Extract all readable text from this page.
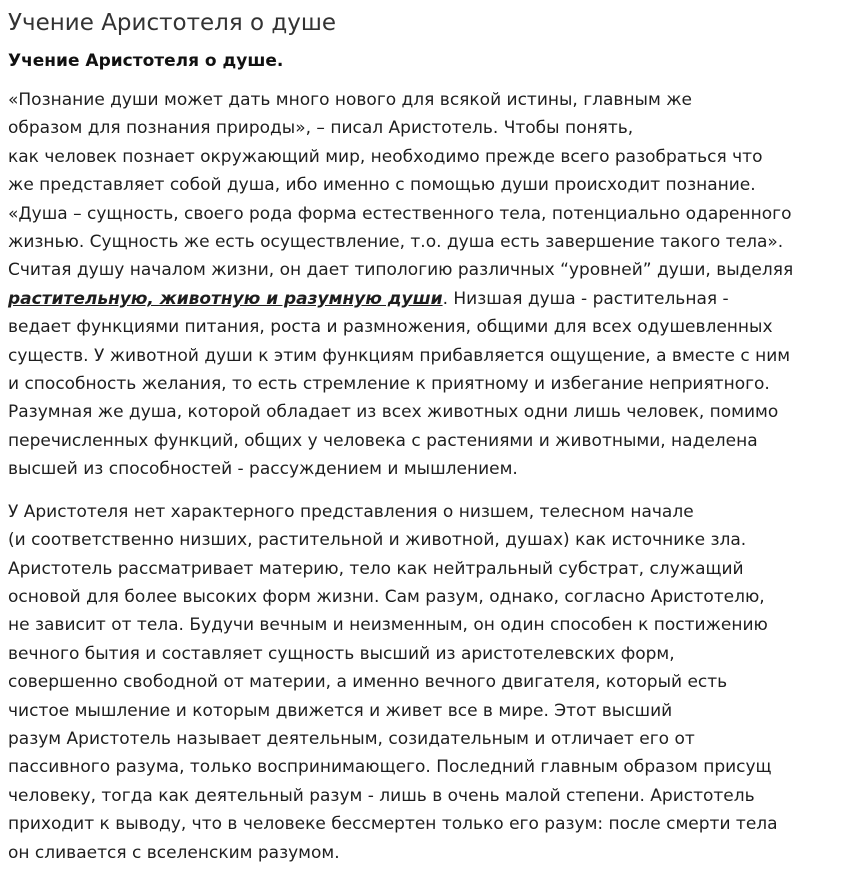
Учение Аристотеля о душе

Учение Аристотеля о душе.

«Познание души может дать много нового для всякой истины, главным же
образом для познания природы», – писал Аристотель. Чтобы понять,
как человек познает окружающий мир, необходимо прежде всего разобраться что
же представляет собой душа, ибо именно с помощью души происходит познание.
«Душа – сущность, своего рода форма естественного тела, потенциально одаренного
жизнью. Сущность же есть осуществление, т.о. душа есть завершение такого тела».
Считая душу началом жизни, он дает типологию различных “уровней” души, выделяя
растительную, животную и разумную души. Низшая душа - растительная -
ведает функциями питания, роста и размножения, общими для всех одушевленных
существ. У животной души к этим функциям прибавляется ощущение, а вместе с ним
и способность желания, то есть стремление к приятному и избегание неприятного.
Разумная же душа, которой обладает из всех животных одни лишь человек, помимо
перечисленных функций, общих у человека с растениями и животными, наделена
высшей из способностей - рассуждением и мышлением.
У Аристотеля нет характерного представления о низшем, телесном начале
(и соответственно низших, растительной и животной, душах) как источнике зла.
Аристотель рассматривает материю, тело как нейтральный субстрат, служащий
основой для более высоких форм жизни. Сам разум, однако, согласно Аристотелю,
не зависит от тела. Будучи вечным и неизменным, он один способен к постижению
вечного бытия и составляет сущность высший из аристотелевских форм,
совершенно свободной от материи, а именно вечного двигателя, который есть
чистое мышление и которым движется и живет все в мире. Этот высший
разум Аристотель называет деятельным, созидательным и отличает его от
пассивного разума, только воспринимающего. Последний главным образом присущ
человеку, тогда как деятельный разум - лишь в очень малой степени. Аристотель
приходит к выводу, что в человеке бессмертен только его разум: после смерти тела
он сливается с вселенским разумом.
